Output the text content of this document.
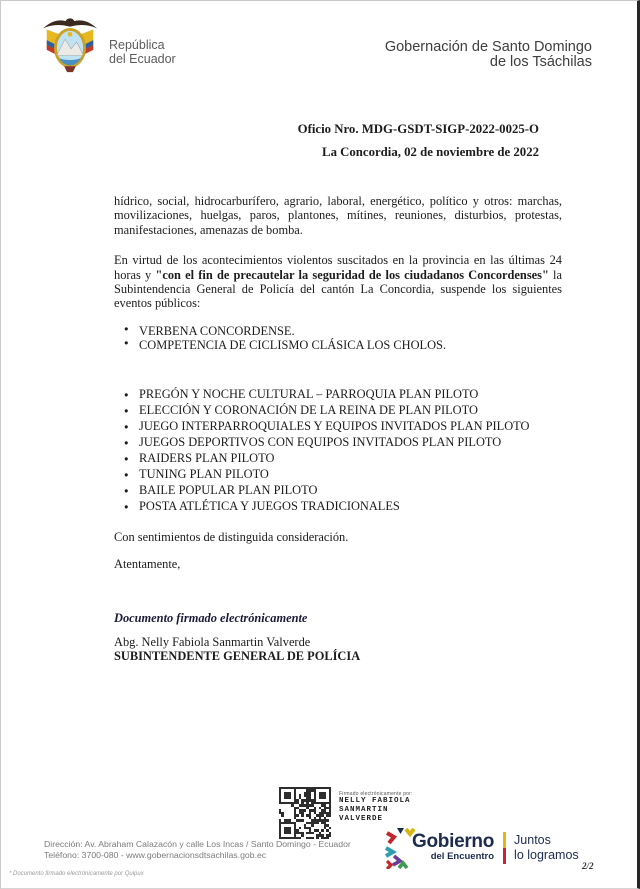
República
del Ecuador
Gobernación de Santo Domingo
de los Tsáchilas
Oficio Nro. MDG-GSDT-SIGP-2022-0025-O
La Concordia, 02 de noviembre de 2022

hídrico, social, hidrocarburífero, agrario, laboral, energético, político y otros: marchas, movilizaciones, huelgas, paros, plantones, mítines, reuniones, disturbios, protestas, manifestaciones, amenazas de bomba.

En virtud de los acontecimientos violentos suscitados en la provincia en las últimas 24 horas y "con el fin de precautelar la seguridad de los ciudadanos Concordenses" la Subintendencia General de Policía del cantón La Concordia, suspende los siguientes eventos públicos:

● VERBENA CONCORDENSE.
● COMPETENCIA DE CICLISMO CLÁSICA LOS CHOLOS.
● PREGÓN Y NOCHE CULTURAL – PARROQUIA PLAN PILOTO
● ELECCIÓN Y CORONACIÓN DE LA REINA DE PLAN PILOTO
● JUEGO INTERPARROQUIALES Y EQUIPOS INVITADOS PLAN PILOTO
● JUEGOS DEPORTIVOS CON EQUIPOS INVITADOS PLAN PILOTO
● RAIDERS PLAN PILOTO
● TUNING PLAN PILOTO
● BAILE POPULAR PLAN PILOTO
● POSTA ATLÉTICA Y JUEGOS TRADICIONALES

Con sentimientos de distinguida consideración.

Atentamente,

Documento firmado electrónicamente

Abg. Nelly Fabiola Sanmartin Valverde

SUBINTENDENTE GENERAL DE POLÍCIA

Firmado electrónicamente por:
NELLY FABIOLA
SANMARTIN
VALVERDE
Dirección: Av. Abraham Calazacón y calle Los Incas / Santo Domingo - Ecuador
Teléfono: 3700-080 - www.gobernacionsdtsachilas.gob.ec
* Documento firmado electrónicamente por Quipux
Gobierno
del Encuentro
Juntos
lo logramos
2/2
